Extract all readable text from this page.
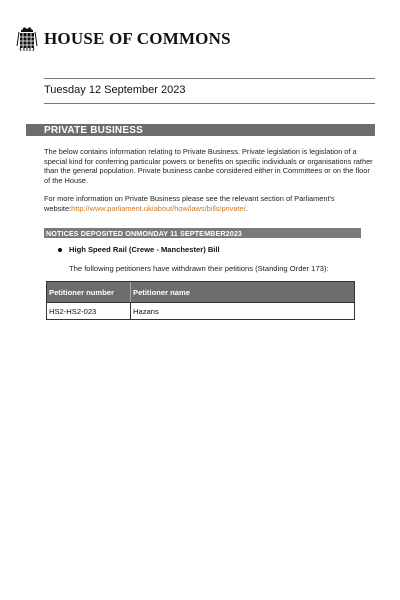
HOUSE OF COMMONS
Tuesday 12 September 2023
PRIVATE BUSINESS
The below contains information relating to Private Business. Private legislation is legislation of a special kind for conferring particular powers or benefits on specific individuals or organisations rather than the general population. Private business canbe considered either in Committees or on the floor of the House.
For more information on Private Business please see the relevant section of Parliament's website:http://www.parliament.uk/about/how/laws/bills/private/.
NOTICES DEPOSITED ONMONDAY 11 SEPTEMBER2023
High Speed Rail (Crewe - Manchester) Bill
The following petitioners have withdrawn their petitions (Standing Order 173):
Petitioner number	Petitioner name
HS2-HS2-023	Hazans
